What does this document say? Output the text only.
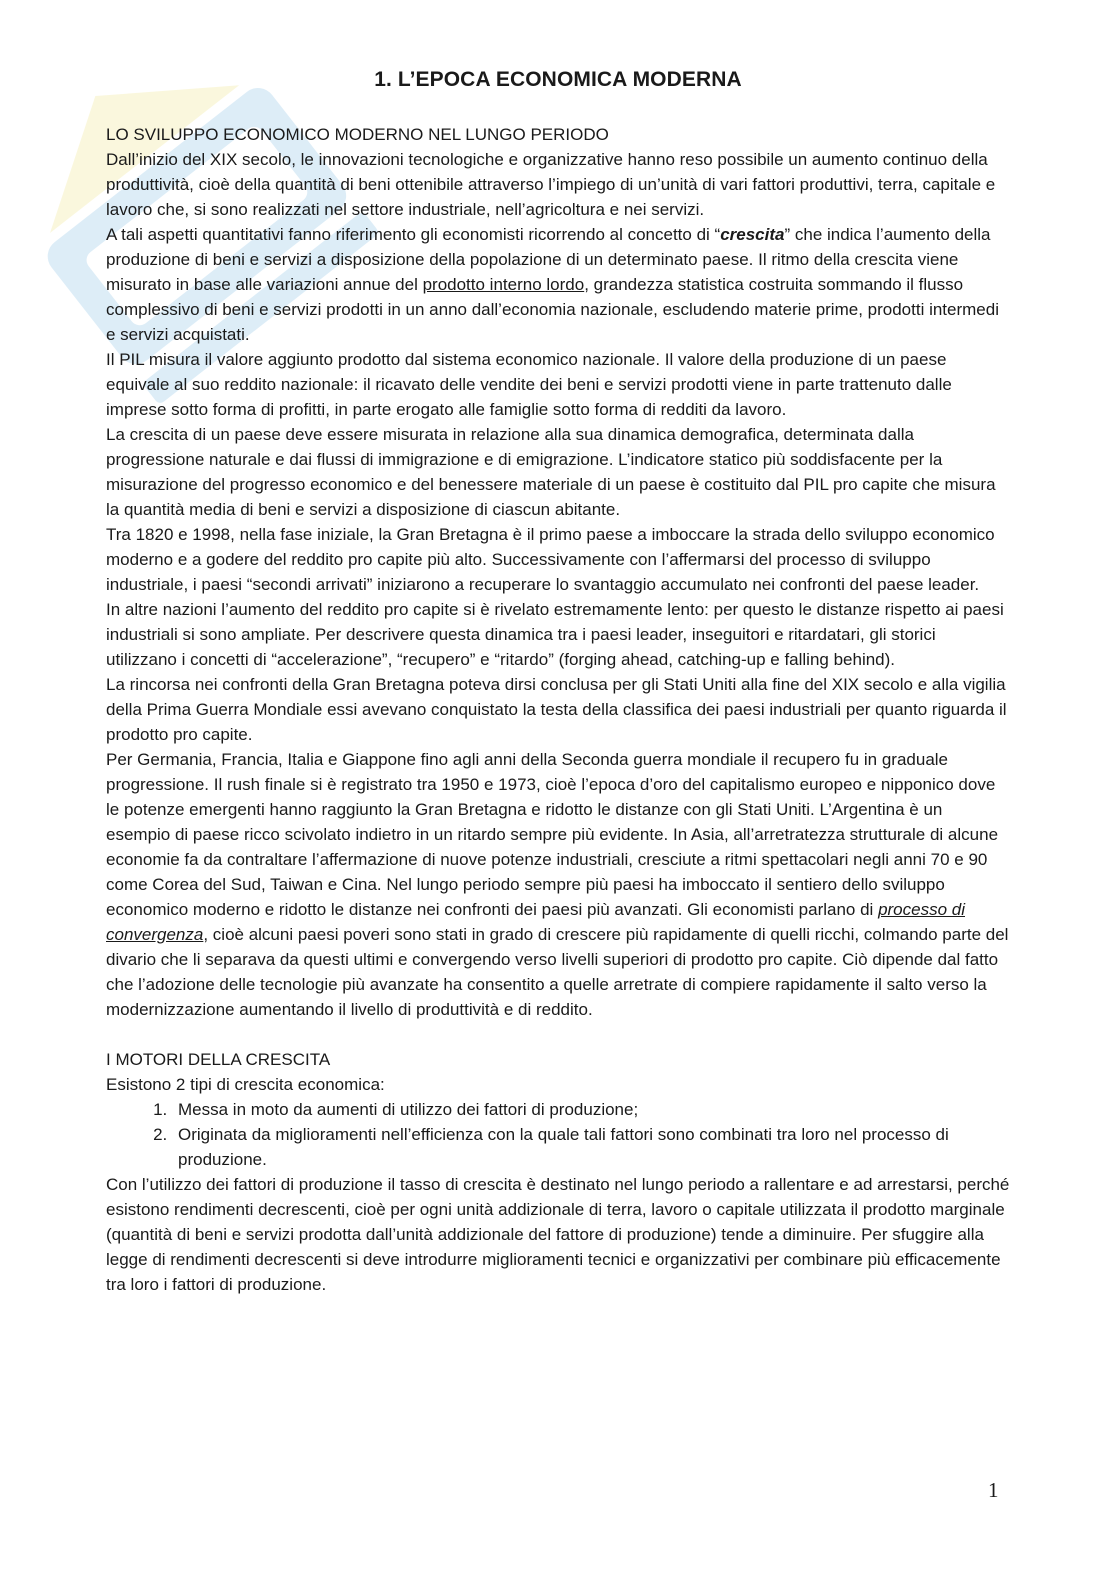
1. L’EPOCA ECONOMICA MODERNA

LO SVILUPPO ECONOMICO MODERNO NEL LUNGO PERIODO

Dall’inizio del XIX secolo, le innovazioni tecnologiche e organizzative hanno reso possibile un aumento continuo della produttività, cioè della quantità di beni ottenibile attraverso l’impiego di un’unità di vari fattori produttivi, terra, capitale e lavoro che, si sono realizzati nel settore industriale, nell’agricoltura e nei servizi.

A tali aspetti quantitativi fanno riferimento gli economisti ricorrendo al concetto di “crescita” che indica l’aumento della produzione di beni e servizi a disposizione della popolazione di un determinato paese. Il ritmo della crescita viene misurato in base alle variazioni annue del prodotto interno lordo, grandezza statistica costruita sommando il flusso complessivo di beni e servizi prodotti in un anno dall’economia nazionale, escludendo materie prime, prodotti intermedi e servizi acquistati.

Il PIL misura il valore aggiunto prodotto dal sistema economico nazionale. Il valore della produzione di un paese equivale al suo reddito nazionale: il ricavato delle vendite dei beni e servizi prodotti viene in parte trattenuto dalle imprese sotto forma di profitti, in parte erogato alle famiglie sotto forma di redditi da lavoro.

La crescita di un paese deve essere misurata in relazione alla sua dinamica demografica, determinata dalla progressione naturale e dai flussi di immigrazione e di emigrazione. L’indicatore statico più soddisfacente per la misurazione del progresso economico e del benessere materiale di un paese è costituito dal PIL pro capite che misura la quantità media di beni e servizi a disposizione di ciascun abitante.

Tra 1820 e 1998, nella fase iniziale, la Gran Bretagna è il primo paese a imboccare la strada dello sviluppo economico moderno e a godere del reddito pro capite più alto. Successivamente con l’affermarsi del processo di sviluppo industriale, i paesi “secondi arrivati” iniziarono a recuperare lo svantaggio accumulato nei confronti del paese leader.

In altre nazioni l’aumento del reddito pro capite si è rivelato estremamente lento: per questo le distanze rispetto ai paesi industriali si sono ampliate. Per descrivere questa dinamica tra i paesi leader, inseguitori e ritardatari, gli storici utilizzano i concetti di “accelerazione”, “recupero” e “ritardo” (forging ahead, catching-up e falling behind).

La rincorsa nei confronti della Gran Bretagna poteva dirsi conclusa per gli Stati Uniti alla fine del XIX secolo e alla vigilia della Prima Guerra Mondiale essi avevano conquistato la testa della classifica dei paesi industriali per quanto riguarda il prodotto pro capite.

Per Germania, Francia, Italia e Giappone fino agli anni della Seconda guerra mondiale il recupero fu in graduale progressione. Il rush finale si è registrato tra 1950 e 1973, cioè l’epoca d’oro del capitalismo europeo e nipponico dove le potenze emergenti hanno raggiunto la Gran Bretagna e ridotto le distanze con gli Stati Uniti. L’Argentina è un esempio di paese ricco scivolato indietro in un ritardo sempre più evidente. In Asia, all’arretratezza strutturale di alcune economie fa da contraltare l’affermazione di nuove potenze industriali, cresciute a ritmi spettacolari negli anni 70 e 90 come Corea del Sud, Taiwan e Cina. Nel lungo periodo sempre più paesi ha imboccato il sentiero dello sviluppo economico moderno e ridotto le distanze nei confronti dei paesi più avanzati. Gli economisti parlano di processo di convergenza, cioè alcuni paesi poveri sono stati in grado di crescere più rapidamente di quelli ricchi, colmando parte del divario che li separava da questi ultimi e convergendo verso livelli superiori di prodotto pro capite. Ciò dipende dal fatto che l’adozione delle tecnologie più avanzate ha consentito a quelle arretrate di compiere rapidamente il salto verso la modernizzazione aumentando il livello di produttività e di reddito.

I MOTORI DELLA CRESCITA

Esistono 2 tipi di crescita economica:

1. Messa in moto da aumenti di utilizzo dei fattori di produzione;
2. Originata da miglioramenti nell’efficienza con la quale tali fattori sono combinati tra loro nel processo di produzione.

Con l’utilizzo dei fattori di produzione il tasso di crescita è destinato nel lungo periodo a rallentare e ad arrestarsi, perché esistono rendimenti decrescenti, cioè per ogni unità addizionale di terra, lavoro o capitale utilizzata il prodotto marginale (quantità di beni e servizi prodotta dall’unità addizionale del fattore di produzione) tende a diminuire. Per sfuggire alla legge di rendimenti decrescenti si deve introdurre miglioramenti tecnici e organizzativi per combinare più efficacemente tra loro i fattori di produzione.

1
